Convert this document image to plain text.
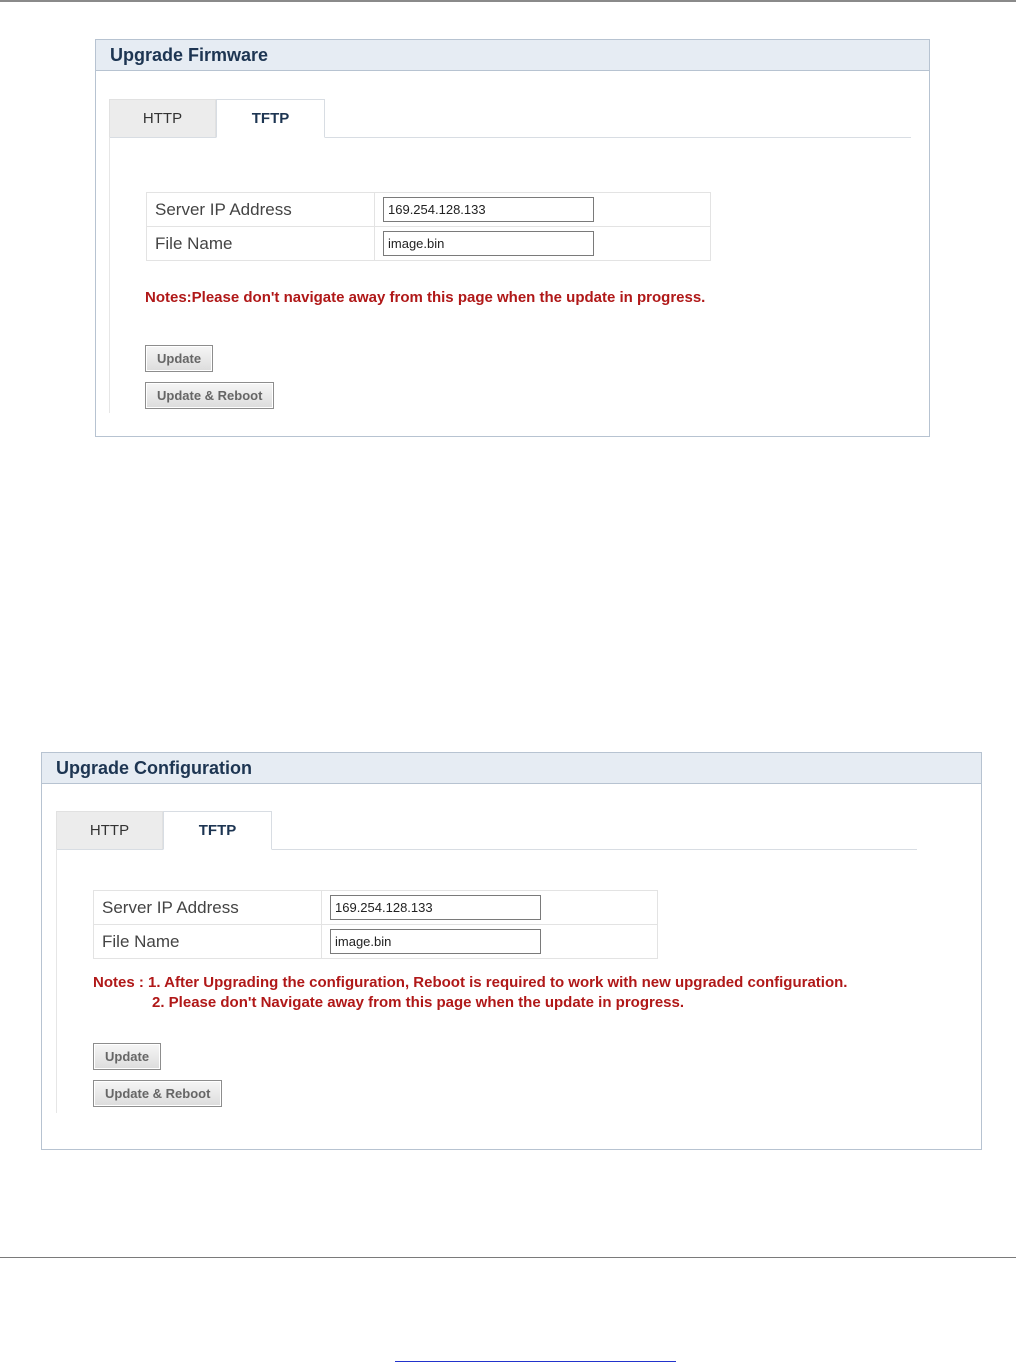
Upgrade Firmware
HTTP	TFTP
Server IP Address	169.254.128.133
File Name	image.bin
Notes:Please don't navigate away from this page when the update in progress.
Update
Update & Reboot
Upgrade Configuration
HTTP	TFTP
Server IP Address	169.254.128.133
File Name	image.bin
Notes : 1. After Upgrading the configuration, Reboot is required to work with new upgraded configuration.
2. Please don't Navigate away from this page when the update in progress.
Update
Update & Reboot
